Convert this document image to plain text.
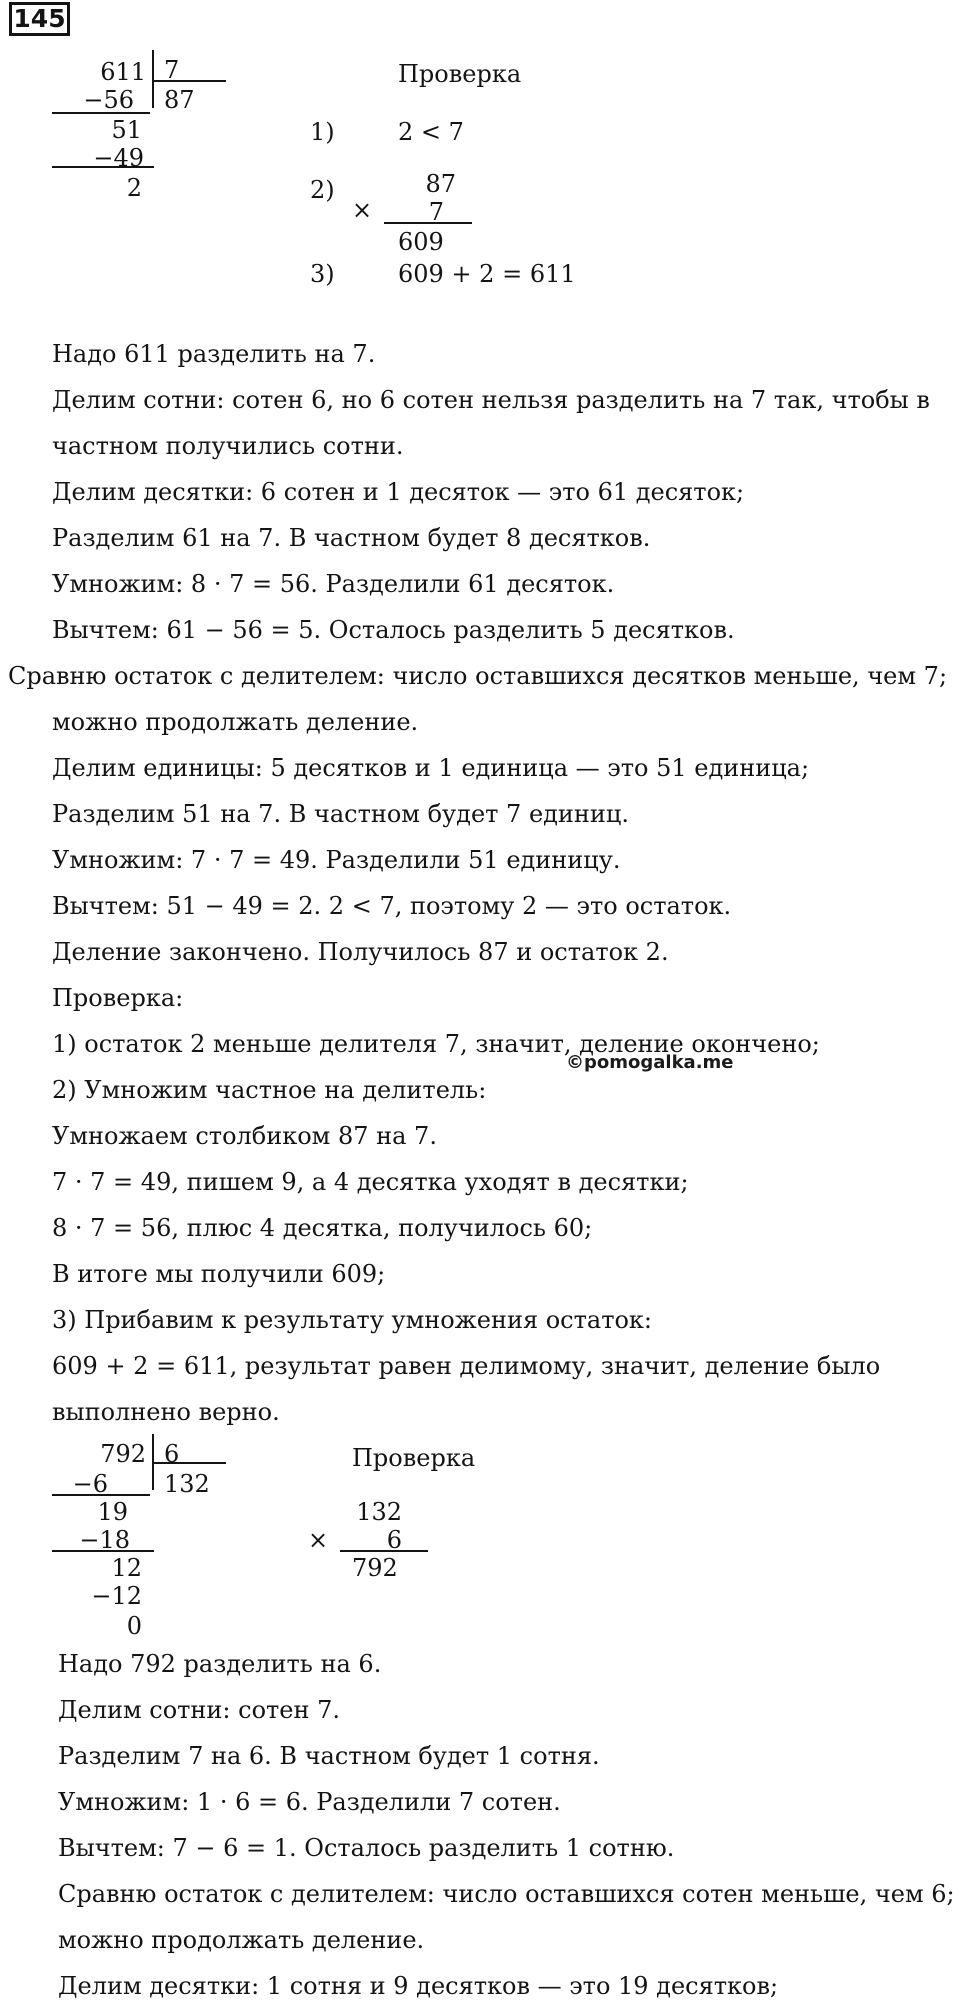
145
611 7
−56 87
51
−49
2
Проверка
1)	2 < 7
2)	87
×	7
609
3)	609 + 2 = 611
Надо 611 разделить на 7.
Делим сотни: сотен 6, но 6 сотен нельзя разделить на 7 так, чтобы в
частном получились сотни.
Делим десятки: 6 сотен и 1 десяток — это 61 десяток;
Разделим 61 на 7. В частном будет 8 десятков.
Умножим: 8 · 7 = 56. Разделили 61 десяток.
Вычтем: 61 − 56 = 5. Осталось разделить 5 десятков.
Сравню остаток с делителем: число оставшихся десятков меньше, чем 7;
можно продолжать деление.
Делим единицы: 5 десятков и 1 единица — это 51 единица;
Разделим 51 на 7. В частном будет 7 единиц.
Умножим: 7 · 7 = 49. Разделили 51 единицу.
Вычтем: 51 − 49 = 2. 2 < 7, поэтому 2 — это остаток.
Деление закончено. Получилось 87 и остаток 2.
Проверка:
1) остаток 2 меньше делителя 7, значит, деление окончено;
2) Умножим частное на делитель:
Умножаем столбиком 87 на 7.
7 · 7 = 49, пишем 9, а 4 десятка уходят в десятки;
8 · 7 = 56, плюс 4 десятка, получилось 60;
В итоге мы получили 609;
3) Прибавим к результату умножения остаток:
609 + 2 = 611, результат равен делимому, значит, деление было
выполнено верно.
©pomogalka.me
792 6
−6 132
19
−18
12
−12
0
Проверка
132
×	6
792
Надо 792 разделить на 6.
Делим сотни: сотен 7.
Разделим 7 на 6. В частном будет 1 сотня.
Умножим: 1 · 6 = 6. Разделили 7 сотен.
Вычтем: 7 − 6 = 1. Осталось разделить 1 сотню.
Сравню остаток с делителем: число оставшихся сотен меньше, чем 6;
можно продолжать деление.
Делим десятки: 1 сотня и 9 десятков — это 19 десятков;
